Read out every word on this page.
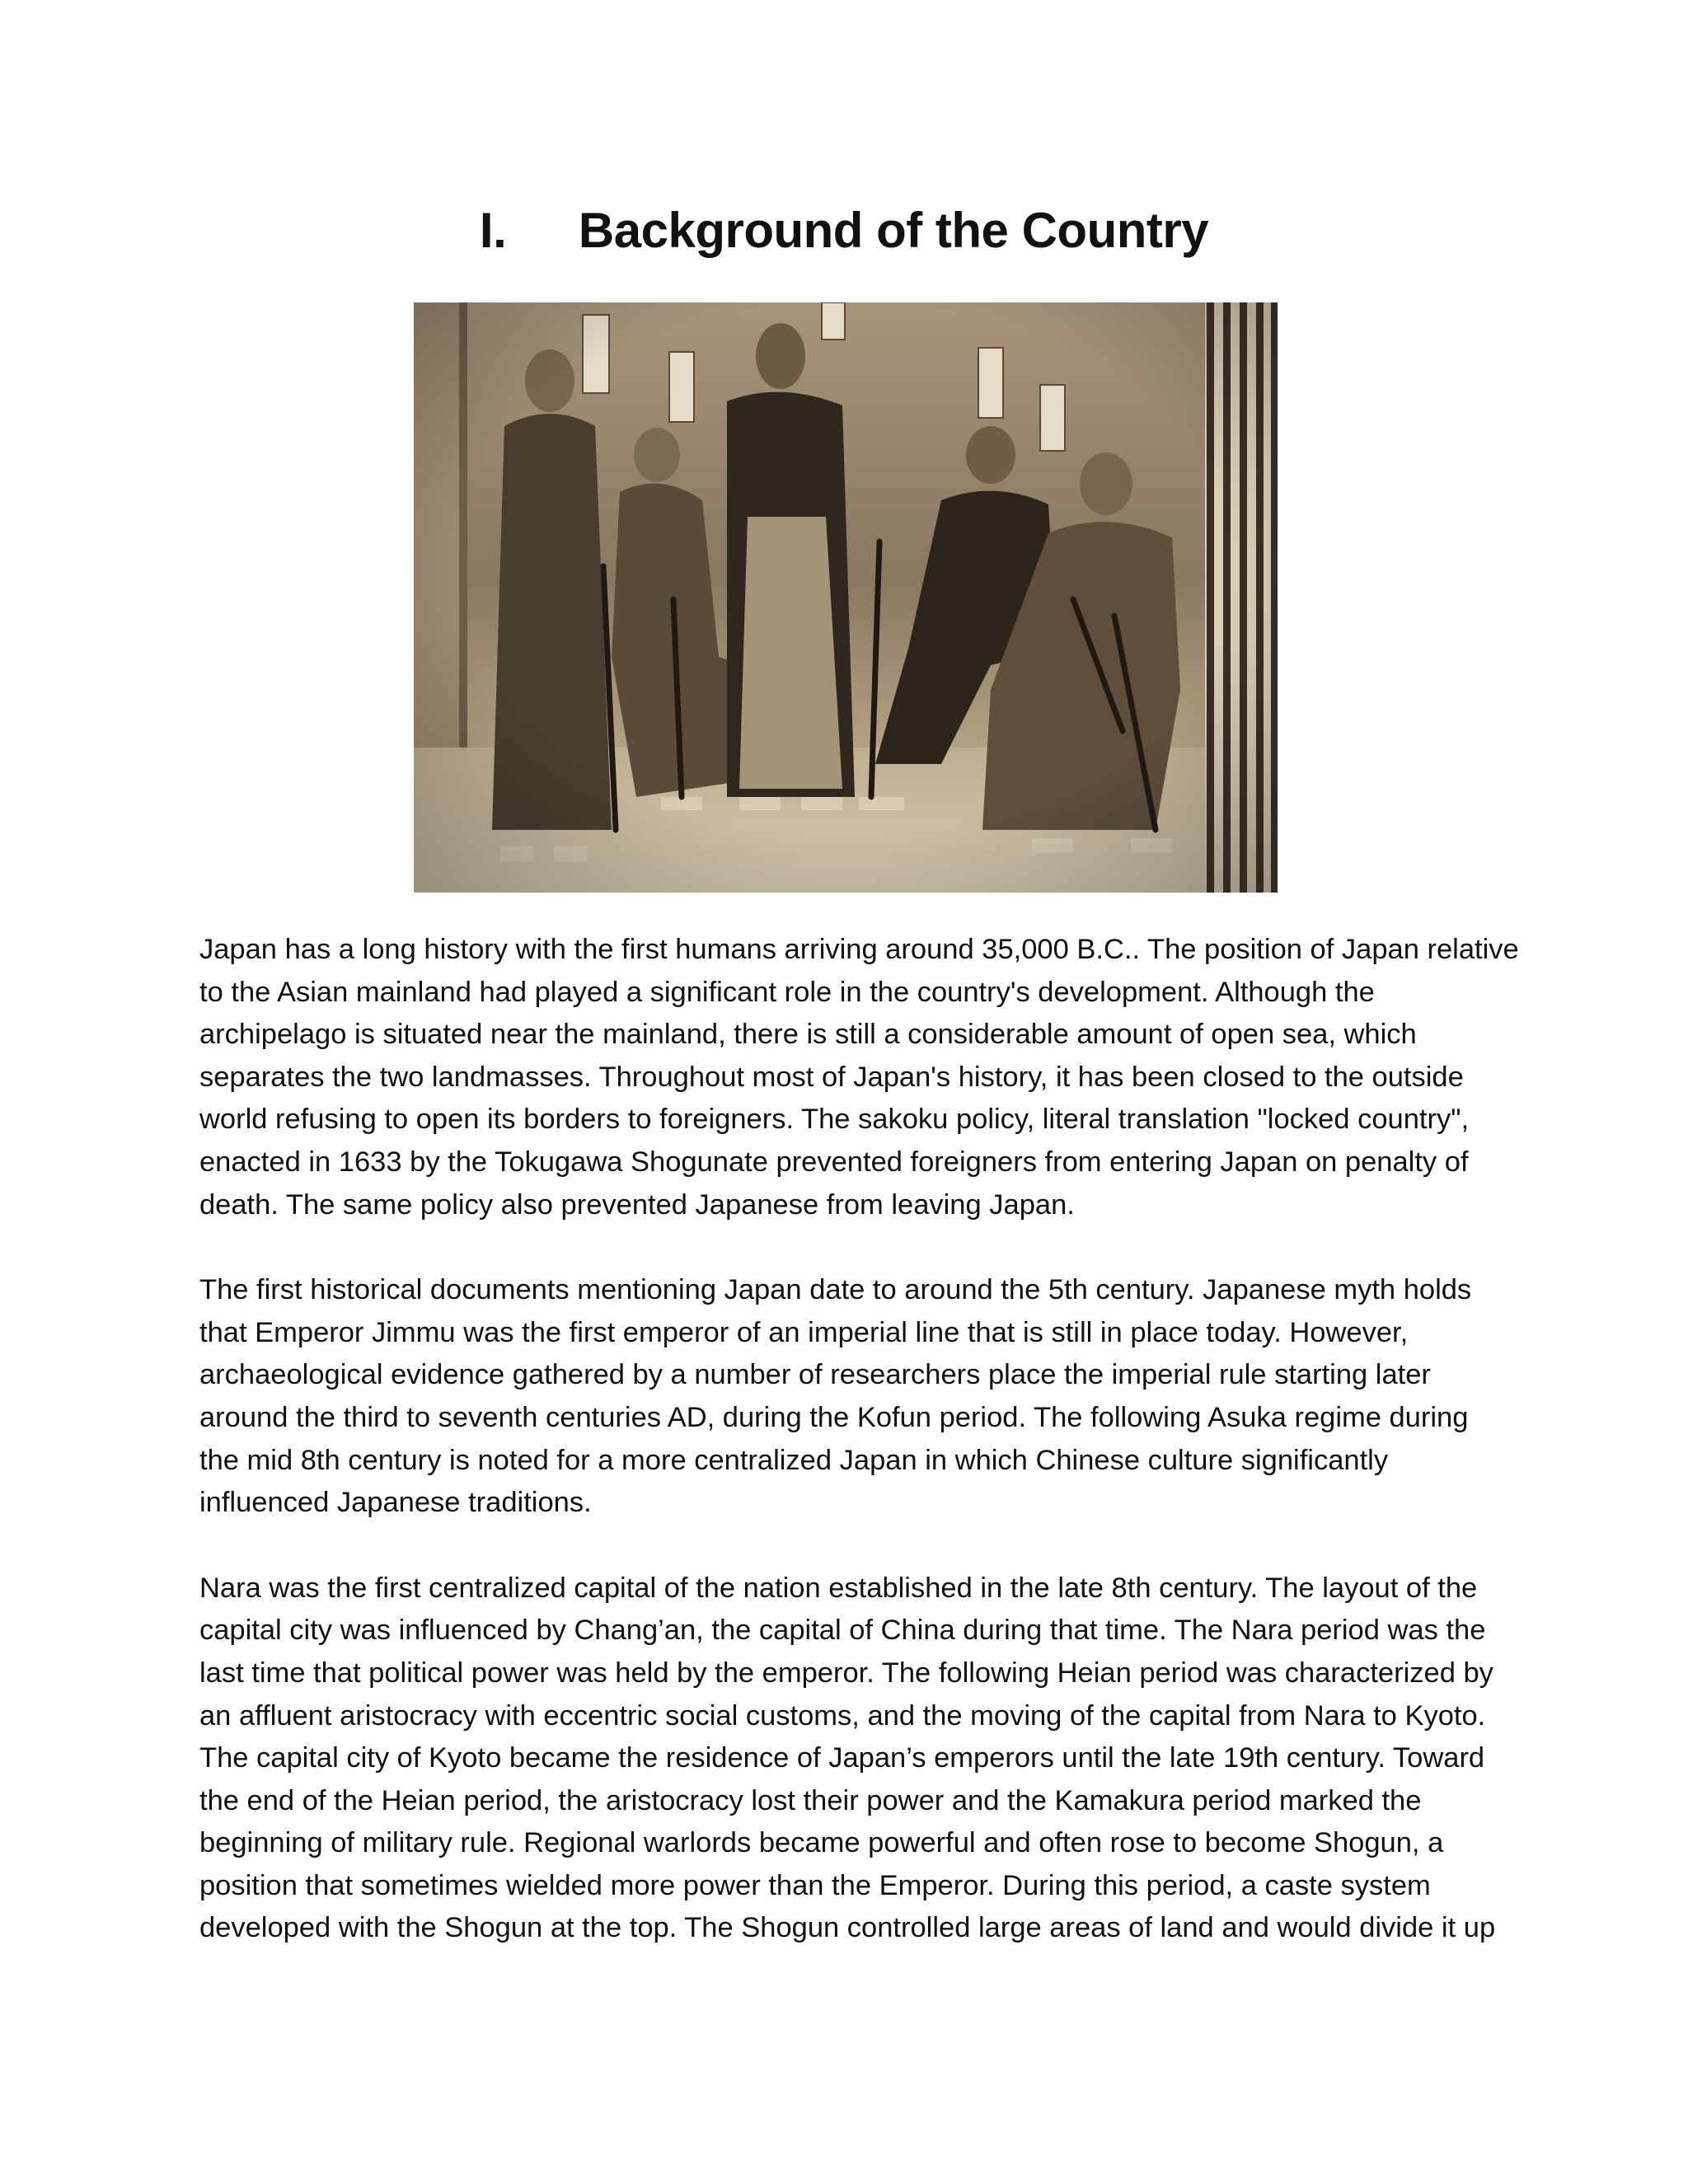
I. Background of the Country

Japan has a long history with the first humans arriving around 35,000 B.C.. The position of Japan relative
to the Asian mainland had played a significant role in the country's development. Although the
archipelago is situated near the mainland, there is still a considerable amount of open sea, which
separates the two landmasses. Throughout most of Japan's history, it has been closed to the outside
world refusing to open its borders to foreigners. The sakoku policy, literal translation "locked country",
enacted in 1633 by the Tokugawa Shogunate prevented foreigners from entering Japan on penalty of
death. The same policy also prevented Japanese from leaving Japan.

The first historical documents mentioning Japan date to around the 5th century. Japanese myth holds
that Emperor Jimmu was the first emperor of an imperial line that is still in place today. However,
archaeological evidence gathered by a number of researchers place the imperial rule starting later
around the third to seventh centuries AD, during the Kofun period. The following Asuka regime during
the mid 8th century is noted for a more centralized Japan in which Chinese culture significantly
influenced Japanese traditions.

Nara was the first centralized capital of the nation established in the late 8th century. The layout of the
capital city was influenced by Chang’an, the capital of China during that time. The Nara period was the
last time that political power was held by the emperor. The following Heian period was characterized by
an affluent aristocracy with eccentric social customs, and the moving of the capital from Nara to Kyoto.
The capital city of Kyoto became the residence of Japan’s emperors until the late 19th century. Toward
the end of the Heian period, the aristocracy lost their power and the Kamakura period marked the
beginning of military rule. Regional warlords became powerful and often rose to become Shogun, a
position that sometimes wielded more power than the Emperor. During this period, a caste system
developed with the Shogun at the top. The Shogun controlled large areas of land and would divide it up
